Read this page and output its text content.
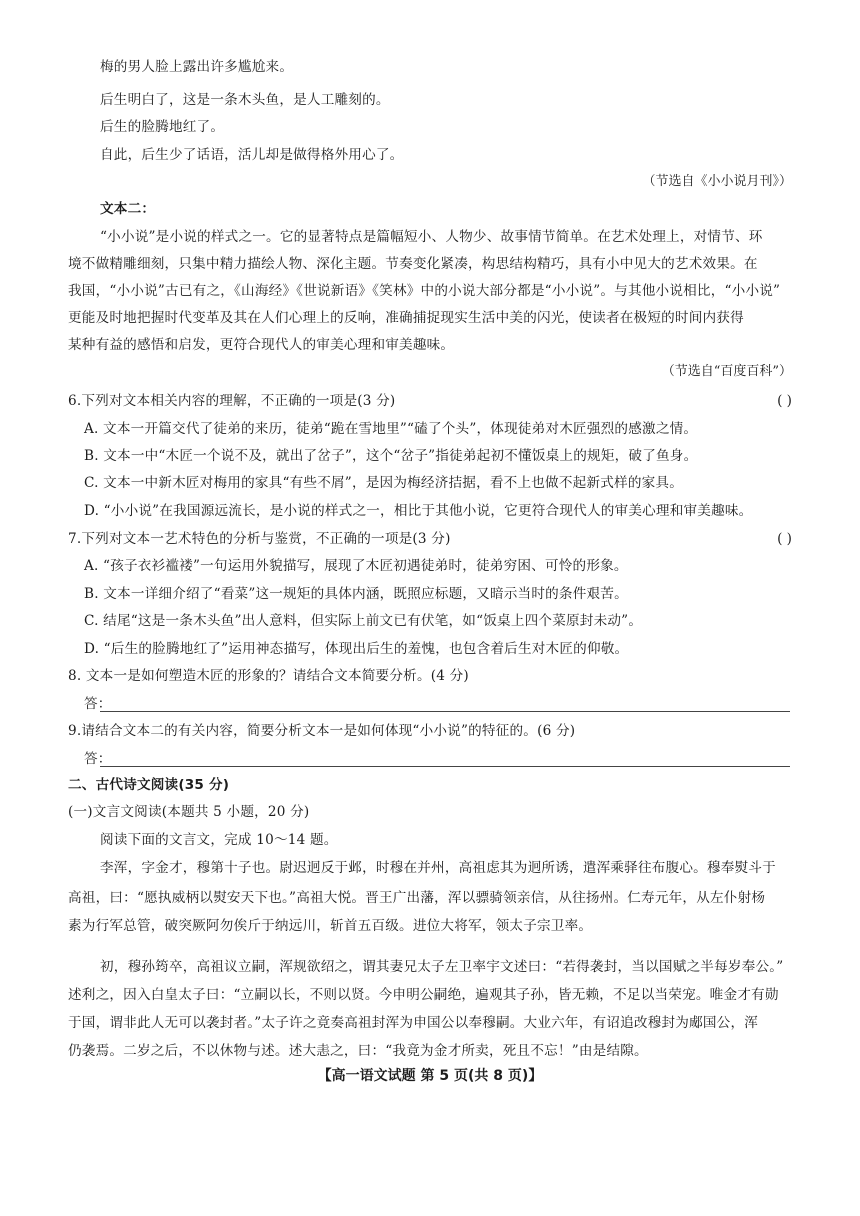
梅的男人脸上露出许多尴尬来。
后生明白了，这是一条木头鱼，是人工雕刻的。
后生的脸腾地红了。
自此，后生少了话语，活儿却是做得格外用心了。
（节选自《小小说月刊》）
文本二：
“小小说”是小说的样式之一。它的显著特点是篇幅短小、人物少、故事情节简单。在艺术处理上，对情节、环
境不做精雕细刻，只集中精力描绘人物、深化主题。节奏变化紧凑，构思结构精巧，具有小中见大的艺术效果。在
我国，“小小说”古已有之，《山海经》《世说新语》《笑林》中的小说大部分都是“小小说”。与其他小说相比，“小小说”
更能及时地把握时代变革及其在人们心理上的反响，准确捕捉现实生活中美的闪光，使读者在极短的时间内获得
某种有益的感悟和启发，更符合现代人的审美心理和审美趣味。
（节选自“百度百科”）
6.下列对文本相关内容的理解，不正确的一项是(3 分)	( )
A. 文本一开篇交代了徒弟的来历，徒弟“跪在雪地里”“磕了个头”，体现徒弟对木匠强烈的感激之情。
B. 文本一中“木匠一个说不及，就出了岔子”，这个“岔子”指徒弟起初不懂饭桌上的规矩，破了鱼身。
C. 文本一中新木匠对梅用的家具“有些不屑”，是因为梅经济拮据，看不上也做不起新式样的家具。
D. “小小说”在我国源远流长，是小说的样式之一，相比于其他小说，它更符合现代人的审美心理和审美趣味。
7.下列对文本一艺术特色的分析与鉴赏，不正确的一项是(3 分)	( )
A. “孩子衣衫褴褛”一句运用外貌描写，展现了木匠初遇徒弟时，徒弟穷困、可怜的形象。
B. 文本一详细介绍了“看菜”这一规矩的具体内涵，既照应标题，又暗示当时的条件艰苦。
C. 结尾“这是一条木头鱼”出人意料，但实际上前文已有伏笔，如“饭桌上四个菜原封未动”。
D. “后生的脸腾地红了”运用神态描写，体现出后生的羞愧，也包含着后生对木匠的仰敬。
8. 文本一是如何塑造木匠的形象的？请结合文本简要分析。(4 分)
答：
9.请结合文本二的有关内容，简要分析文本一是如何体现“小小说”的特征的。(6 分)
答：
二、古代诗文阅读(35 分)
(一)文言文阅读(本题共 5 小题，20 分)
阅读下面的文言文，完成 10～14 题。
李浑，字金才，穆第十子也。尉迟迥反于邺，时穆在并州，高祖虑其为迥所诱，遣浑乘驿往布腹心。穆奉熨斗于
高祖，曰：“愿执威柄以熨安天下也。”高祖大悦。晋王广出藩，浑以骠骑领亲信，从往扬州。仁寿元年，从左仆射杨
素为行军总管，破突厥阿勿俟斤于纳远川，斩首五百级。进位大将军，领太子宗卫率。
初，穆孙筠卒，高祖议立嗣，浑规欲绍之，谓其妻兄太子左卫率宇文述曰：“若得袭封，当以国赋之半每岁奉公。”
述利之，因入白皇太子曰：“立嗣以长，不则以贤。今申明公嗣绝，遍观其子孙，皆无赖，不足以当荣宠。唯金才有勋
于国，谓非此人无可以袭封者。”太子许之竟奏高祖封浑为申国公以奉穆嗣。大业六年，有诏追改穆封为郕国公，浑
仍袭焉。二岁之后，不以休物与述。述大恚之，曰：“我竟为金才所卖，死且不忘！”由是结隙。
【高一语文试题 第 5 页(共 8 页)】
